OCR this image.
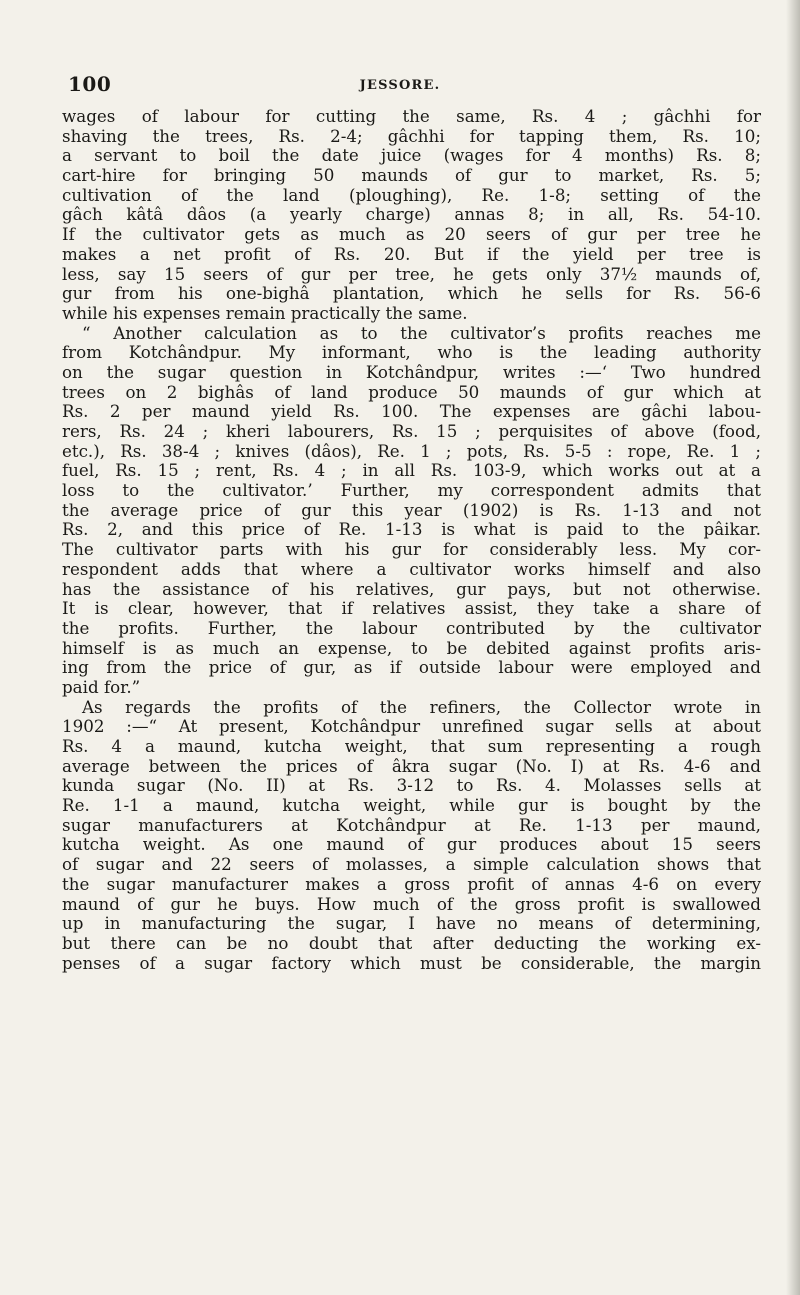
100	JESSORE.
wages of labour for cutting the same, Rs. 4 ; gâchhi for
shaving the trees, Rs. 2-4; gâchhi for tapping them, Rs. 10;
a servant to boil the date juice (wages for 4 months) Rs. 8;
cart-hire for bringing 50 maunds of gur to market, Rs. 5;
cultivation of the land (ploughing), Re. 1-8; setting of the
gâch kâtâ dâos (a yearly charge) annas 8; in all, Rs. 54-10.
If the cultivator gets as much as 20 seers of gur per tree he
makes a net profit of Rs. 20. But if the yield per tree is
less, say 15 seers of gur per tree, he gets only 37½ maunds of,
gur from his one-bighâ plantation, which he sells for Rs. 56-6
while his expenses remain practically the same.
“ Another calculation as to the cultivator’s profits reaches me
from Kotchândpur. My informant, who is the leading authority
on the sugar question in Kotchândpur, writes :—‘ Two hundred
trees on 2 bighâs of land produce 50 maunds of gur which at
Rs. 2 per maund yield Rs. 100. The expenses are gâchi labou-
rers, Rs. 24 ; kheri labourers, Rs. 15 ; perquisites of above (food,
etc.), Rs. 38-4 ; knives (dâos), Re. 1 ; pots, Rs. 5-5 : rope, Re. 1 ;
fuel, Rs. 15 ; rent, Rs. 4 ; in all Rs. 103-9, which works out at a
loss to the cultivator.’ Further, my correspondent admits that
the average price of gur this year (1902) is Rs. 1-13 and not
Rs. 2, and this price of Re. 1-13 is what is paid to the pâikar.
The cultivator parts with his gur for considerably less. My cor-
respondent adds that where a cultivator works himself and also
has the assistance of his relatives, gur pays, but not otherwise.
It is clear, however, that if relatives assist, they take a share of
the profits. Further, the labour contributed by the cultivator
himself is as much an expense, to be debited against profits aris-
ing from the price of gur, as if outside labour were employed and
paid for.”
As regards the profits of the refiners, the Collector wrote in
1902 :—“ At present, Kotchândpur unrefined sugar sells at about
Rs. 4 a maund, kutcha weight, that sum representing a rough
average between the prices of âkra sugar (No. I) at Rs. 4-6 and
kunda sugar (No. II) at Rs. 3-12 to Rs. 4. Molasses sells at
Re. 1-1 a maund, kutcha weight, while gur is bought by the
sugar manufacturers at Kotchândpur at Re. 1-13 per maund,
kutcha weight. As one maund of gur produces about 15 seers
of sugar and 22 seers of molasses, a simple calculation shows that
the sugar manufacturer makes a gross profit of annas 4-6 on every
maund of gur he buys. How much of the gross profit is swallowed
up in manufacturing the sugar, I have no means of determining,
but there can be no doubt that after deducting the working ex-
penses of a sugar factory which must be considerable, the margin
